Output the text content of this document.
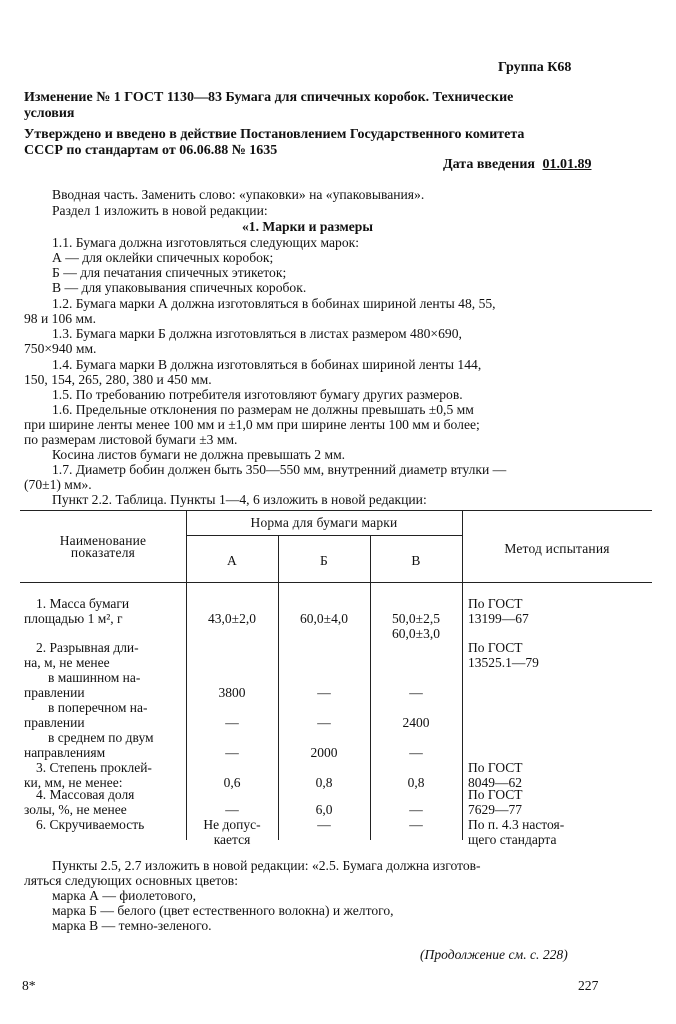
Группа К68
Изменение № 1 ГОСТ 1130—83 Бумага для спичечных коробок. Технические
условия
Утверждено и введено в действие Постановлением Государственного комитета
СССР по стандартам от 06.06.88 № 1635
Дата введения 01.01.89
Вводная часть. Заменить слово: «упаковки» на «упаковывания».
Раздел 1 изложить в новой редакции:
«1. Марки и размеры
1.1. Бумага должна изготовляться следующих марок:
А — для оклейки спичечных коробок;
Б — для печатания спичечных этикеток;
В — для упаковывания спичечных коробок.
1.2. Бумага марки А должна изготовляться в бобинах шириной ленты 48, 55,
98 и 106 мм.
1.3. Бумага марки Б должна изготовляться в листах размером 480×690,
750×940 мм.
1.4. Бумага марки В должна изготовляться в бобинах шириной ленты 144,
150, 154, 265, 280, 380 и 450 мм.
1.5. По требованию потребителя изготовляют бумагу других размеров.
1.6. Предельные отклонения по размерам не должны превышать ±0,5 мм
при ширине ленты менее 100 мм и ±1,0 мм при ширине ленты 100 мм и более;
по размерам листовой бумаги ±3 мм.
Косина листов бумаги не должна превышать 2 мм.
1.7. Диаметр бобин должен быть 350—550 мм, внутренний диаметр втулки —
(70±1) мм».
Пункт 2.2. Таблица. Пункты 1—4, 6 изложить в новой редакции:
Наименование
показателя
Норма для бумаги марки
А	Б	В
Метод испытания
1. Масса бумаги
площадью 1 м², г	43,0±2,0	60,0±4,0	50,0±2,5
60,0±3,0
По ГОСТ
13199—67
2. Разрывная дли-
на, м, не менее
По ГОСТ
13525.1—79
в машинном на-
правлении	3800	—	—
в поперечном на-
правлении	—	—	2400
в среднем по двум
направлениям	—	2000	—
3. Степень проклей-
ки, мм, не менее:	0,6	0,8	0,8
По ГОСТ
8049—62
4. Массовая доля
золы, %, не менее	—	6,0	—
По ГОСТ
7629—77
6. Скручиваемость	Не допус-
кается
—	—	По п. 4.3 настоя-
щего стандарта
Пункты 2.5, 2.7 изложить в новой редакции: «2.5. Бумага должна изготов-
ляться следующих основных цветов:
марка А — фиолетового,
марка Б — белого (цвет естественного волокна) и желтого,
марка В — темно-зеленого.
(Продолжение см. с. 228)
8*	227
